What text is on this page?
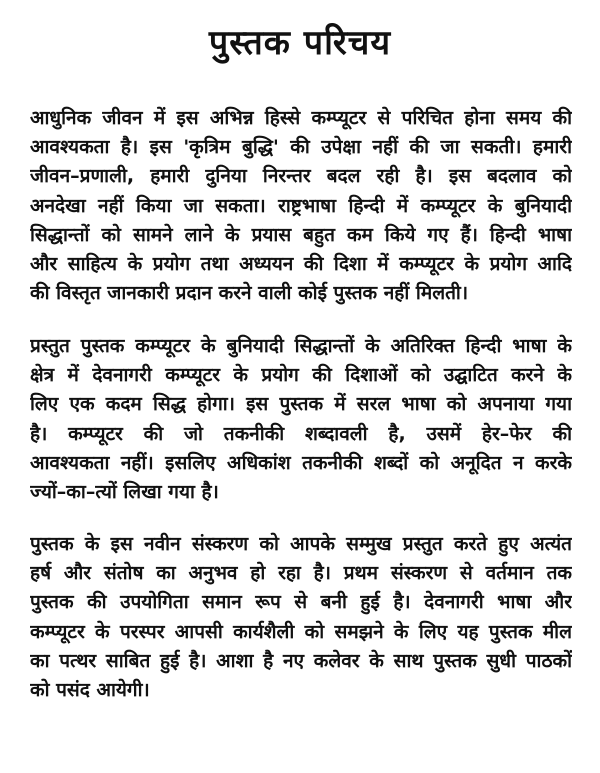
पुस्तक परिचय
आधुनिक जीवन में इस अभिन्न हिस्से कम्प्यूटर से परिचित होना समय की
आवश्यकता है। इस 'कृत्रिम बुद्धि' की उपेक्षा नहीं की जा सकती। हमारी
जीवन–प्रणाली, हमारी दुनिया निरन्तर बदल रही है। इस बदलाव को
अनदेखा नहीं किया जा सकता। राष्ट्रभाषा हिन्दी में कम्प्यूटर के बुनियादी
सिद्धान्तों को सामने लाने के प्रयास बहुत कम किये गए हैं। हिन्दी भाषा
और साहित्य के प्रयोग तथा अध्ययन की दिशा में कम्प्यूटर के प्रयोग आदि
की विस्तृत जानकारी प्रदान करने वाली कोई पुस्तक नहीं मिलती।
प्रस्तुत पुस्तक कम्प्यूटर के बुनियादी सिद्धान्तों के अतिरिक्त हिन्दी भाषा के
क्षेत्र में देवनागरी कम्प्यूटर के प्रयोग की दिशाओं को उद्घाटित करने के
लिए एक कदम सिद्ध होगा। इस पुस्तक में सरल भाषा को अपनाया गया
है। कम्प्यूटर की जो तकनीकी शब्दावली है, उसमें हेर–फेर की
आवश्यकता नहीं। इसलिए अधिकांश तकनीकी शब्दों को अनूदित न करके
ज्यों–का–त्यों लिखा गया है।
पुस्तक के इस नवीन संस्करण को आपके सम्मुख प्रस्तुत करते हुए अत्यंत
हर्ष और संतोष का अनुभव हो रहा है। प्रथम संस्करण से वर्तमान तक
पुस्तक की उपयोगिता समान रूप से बनी हुई है। देवनागरी भाषा और
कम्प्यूटर के परस्पर आपसी कार्यशैली को समझने के लिए यह पुस्तक मील
का पत्थर साबित हुई है। आशा है नए कलेवर के साथ पुस्तक सुधी पाठकों
को पसंद आयेगी।
